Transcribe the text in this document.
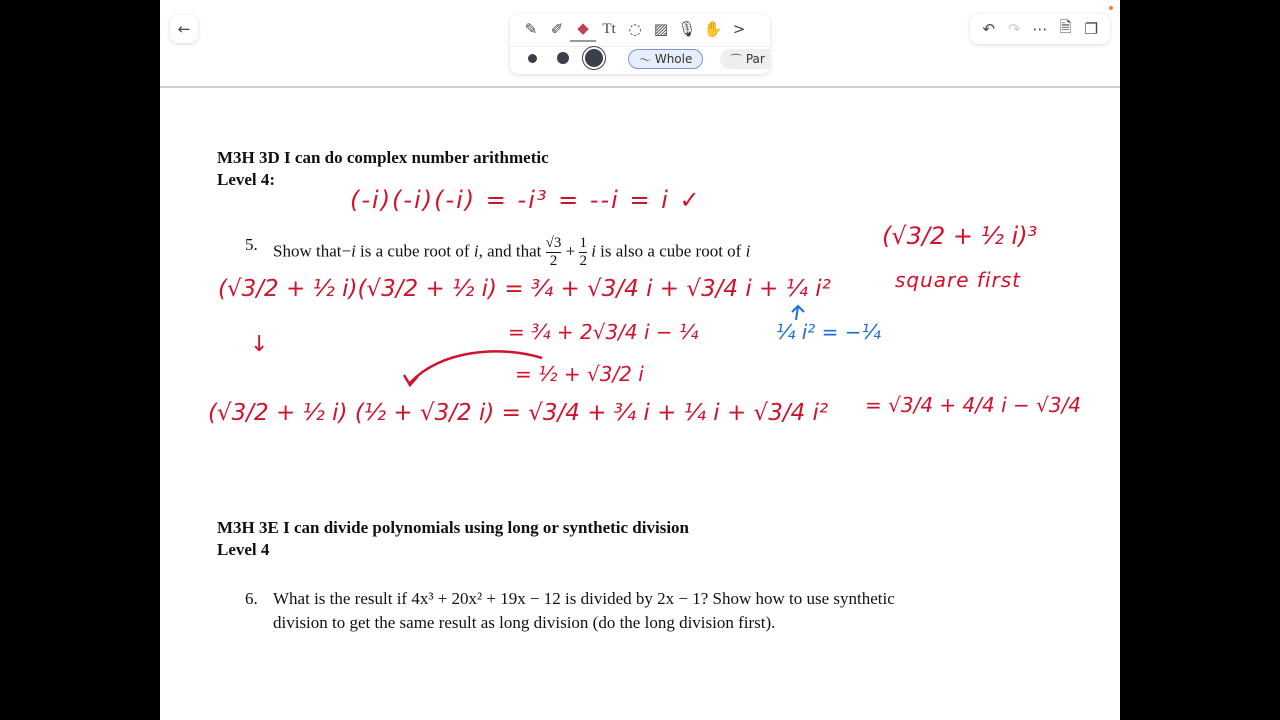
←	✎ ✐ ◆ Tt ◌ ▨ 🎙 ✋ >
〜 Whole	⌒ Par
↶ ↷ ⋯ 🗎 ❐
M3H 3D I can do complex number arithmetic
Level 4:
5. Show that−i is a cube root of i, and that $\frac{√3}{2} + \frac{1}{2}$ i is also a cube root of i
M3H 3E I can divide polynomials using long or synthetic division
Level 4
6. What is the result if 4x³ + 20x² + 19x − 12 is divided by 2x − 1? Show how to use synthetic
division to get the same result as long division (do the long division first).
(-i)(-i)(-i) = -i³ = --i = i ✓
(√3/2 + ½ i)³
square first
(√3/2 + ½ i)(√3/2 + ½ i) = ¾ + √3/4 i + √3/4 i + ¼ i²
= ¾ + 2√3/4 i − ¼	¼ i² = −¼
↓
= ½ + √3/2 i
(√3/2 + ½ i) (½ + √3/2 i) = √3/4 + ¾ i + ¼ i + √3/4 i² = √3/4 + 4/4 i − √3/4
